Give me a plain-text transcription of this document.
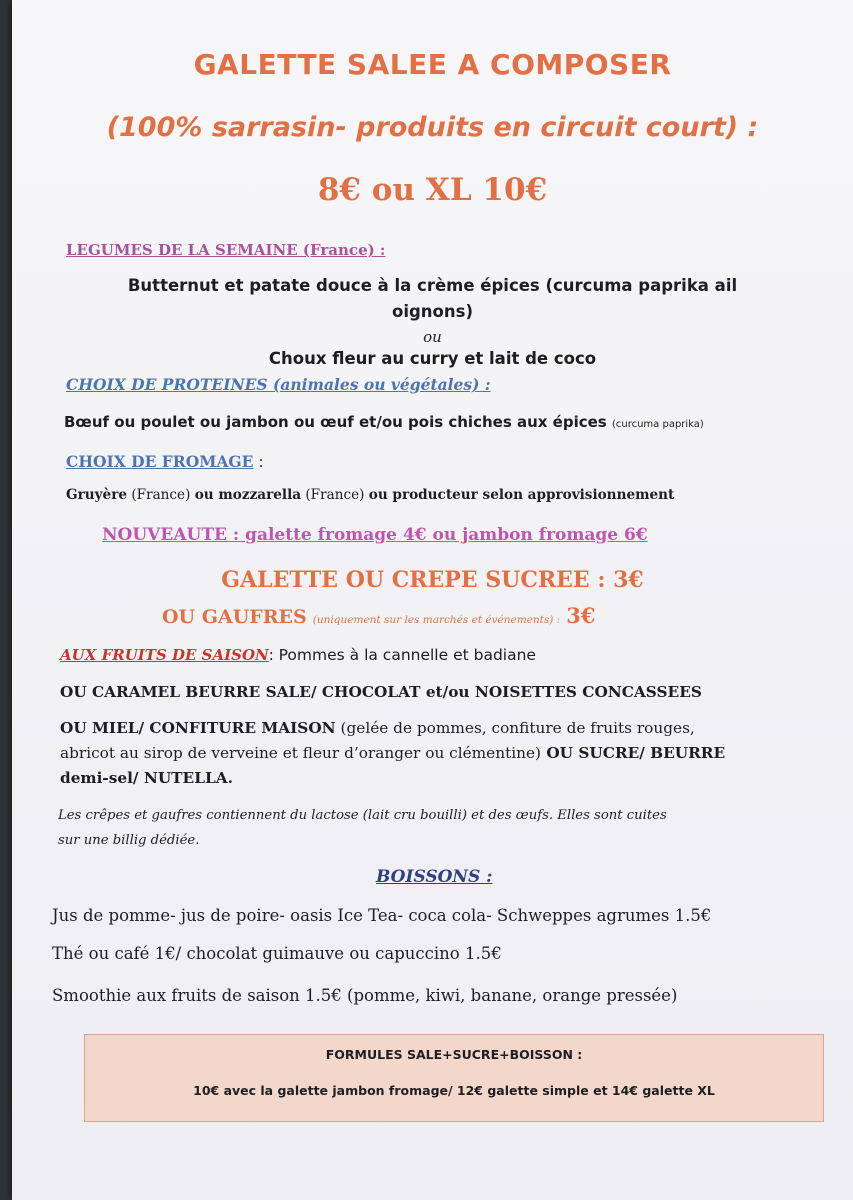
GALETTE SALEE A COMPOSER
(100% sarrasin- produits en circuit court) :
8€ ou XL 10€
LEGUMES DE LA SEMAINE (France) :
Butternut et patate douce à la crème épices (curcuma paprika ail
oignons)
ou
Choux fleur au curry et lait de coco
CHOIX DE PROTEINES (animales ou végétales) :
Bœuf ou poulet ou jambon ou œuf et/ou pois chiches aux épices (curcuma paprika)
CHOIX DE FROMAGE :
Gruyère (France) ou mozzarella (France) ou producteur selon approvisionnement
NOUVEAUTE : galette fromage 4€ ou jambon fromage 6€
GALETTE OU CREPE SUCREE : 3€
OU GAUFRES (uniquement sur les marchés et événements) : 3€
AUX FRUITS DE SAISON: Pommes à la cannelle et badiane
OU CARAMEL BEURRE SALE/ CHOCOLAT et/ou NOISETTES CONCASSEES
OU MIEL/ CONFITURE MAISON (gelée de pommes, confiture de fruits rouges,
abricot au sirop de verveine et fleur d’oranger ou clémentine) OU SUCRE/ BEURRE
demi-sel/ NUTELLA.
Les crêpes et gaufres contiennent du lactose (lait cru bouilli) et des œufs. Elles sont cuites
sur une billig dédiée.
BOISSONS :
Jus de pomme- jus de poire- oasis Ice Tea- coca cola- Schweppes agrumes 1.5€
Thé ou café 1€/ chocolat guimauve ou capuccino 1.5€
Smoothie aux fruits de saison 1.5€ (pomme, kiwi, banane, orange pressée)
FORMULES SALE+SUCRE+BOISSON :
10€ avec la galette jambon fromage/ 12€ galette simple et 14€ galette XL
